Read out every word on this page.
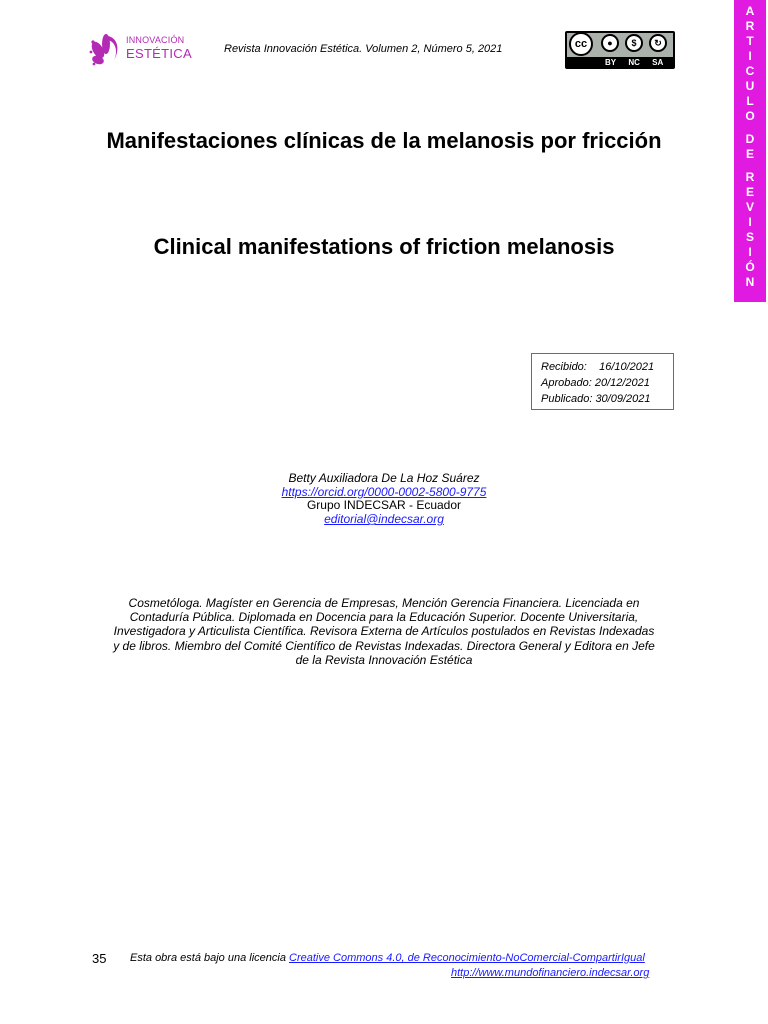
INNOVACIÓN
ESTÉTICA	Revista Innovación Estética. Volumen 2, Número 5, 2021	cc	●	$	↻
BY NC SA
A
R
T
I
C
U
L
O
D
E
R
E
V
I
S
I
Ó
N
Manifestaciones clínicas de la melanosis por fricción
Clinical manifestations of friction melanosis
Recibido: 16/10/2021
Aprobado: 20/12/2021
Publicado: 30/09/2021
Betty Auxiliadora De La Hoz Suárez
https://orcid.org/0000-0002-5800-9775
Grupo INDECSAR - Ecuador
editorial@indecsar.org
Cosmetóloga. Magíster en Gerencia de Empresas, Mención Gerencia Financiera. Licenciada en
Contaduría Pública. Diplomada en Docencia para la Educación Superior. Docente Universitaria,
Investigadora y Articulista Científica. Revisora Externa de Artículos postulados en Revistas Indexadas
y de libros. Miembro del Comité Científico de Revistas Indexadas. Directora General y Editora en Jefe
de la Revista Innovación Estética
35 Esta obra está bajo una licencia Creative Commons 4.0, de Reconocimiento-NoComercial-CompartirIgual
http://www.mundofinanciero.indecsar.org
